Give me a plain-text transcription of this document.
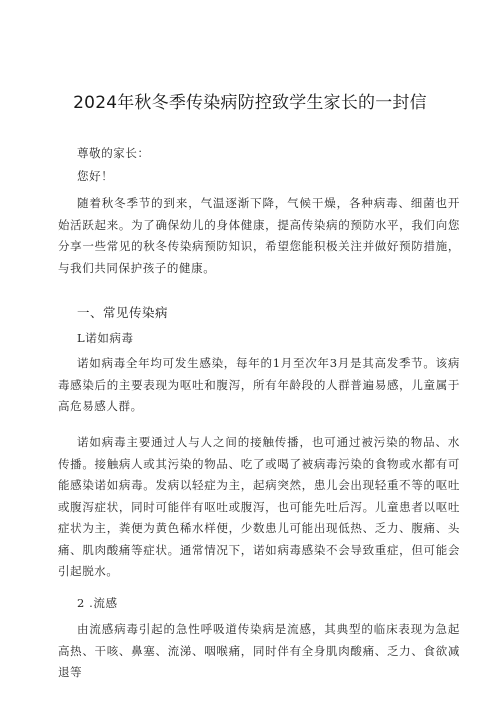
2024年秋冬季传染病防控致学生家长的一封信
尊敬的家长：
您好！
随着秋冬季节的到来，气温逐渐下降，气候干燥，各种病毒、细菌也开始活跃起来。为了确保幼儿的身体健康，提高传染病的预防水平，我们向您分享一些常见的秋冬传染病预防知识，希望您能积极关注并做好预防措施，与我们共同保护孩子的健康。
一、常见传染病
L诺如病毒
诺如病毒全年均可发生感染，每年的1月至次年3月是其高发季节。该病毒感染后的主要表现为呕吐和腹泻，所有年龄段的人群普遍易感，儿童属于高危易感人群。
诺如病毒主要通过人与人之间的接触传播，也可通过被污染的物品、水传播。接触病人或其污染的物品、吃了或喝了被病毒污染的食物或水都有可能感染诺如病毒。发病以轻症为主，起病突然，患儿会出现轻重不等的呕吐或腹泻症状，同时可能伴有呕吐或腹泻，也可能先吐后泻。儿童患者以呕吐症状为主，粪便为黄色稀水样便，少数患儿可能出现低热、乏力、腹痛、头痛、肌肉酸痛等症状。通常情况下，诺如病毒感染不会导致重症，但可能会引起脱水。
2 .流感
由流感病毒引起的急性呼吸道传染病是流感，其典型的临床表现为急起高热、干咳、鼻塞、流涕、咽喉痛，同时伴有全身肌肉酸痛、乏力、食欲减退等
